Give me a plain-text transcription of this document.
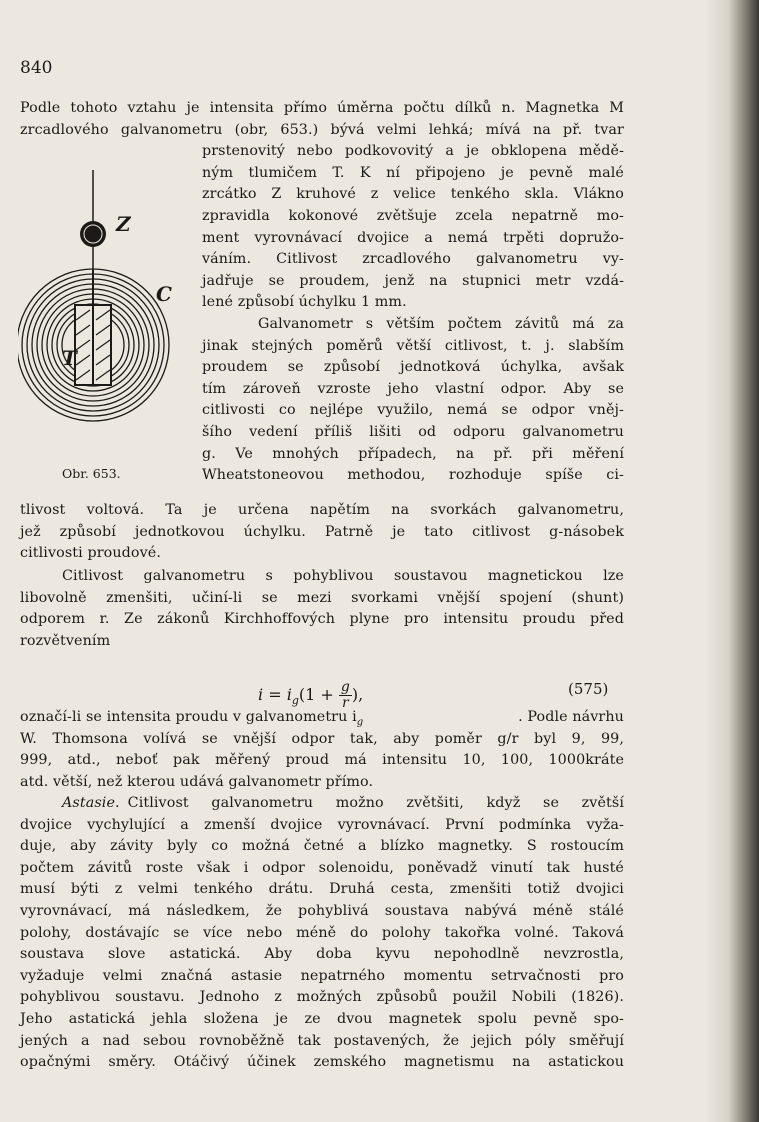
840
Podle tohoto vztahu je intensita přímo úměrna počtu dílků n. Magnetka M
zrcadlového galvanometru (obr, 653.) bývá velmi lehká; mívá na př. tvar
prstenovitý nebo podkovovitý a je obklopena mědě-
ným tlumičem T. K ní připojeno je pevně malé
zrcátko Z kruhové z velice tenkého skla. Vlákno
zpravidla kokonové zvětšuje zcela nepatrně mo-
ment vyrovnávací dvojice a nemá trpěti dopružo-
váním. Citlivost zrcadlového galvanometru vy-
jadřuje se proudem, jenž na stupnici metr vzdá-
lené způsobí úchylku 1 mm.
Galvanometr s větším počtem závitů má za
jinak stejných poměrů větší citlivost, t. j. slabším
proudem se způsobí jednotková úchylka, avšak
tím zároveň vzroste jeho vlastní odpor. Aby se
citlivosti co nejlépe využilo, nemá se odpor vněj-
šího vedení příliš lišiti od odporu galvanometru
g. Ve mnohých případech, na př. při měření
Wheatstoneovou methodou, rozhoduje spíše ci-
Z
C
T
Obr. 653.
tlivost voltová. Ta je určena napětím na svorkách galvanometru,
jež způsobí jednotkovou úchylku. Patrně je tato citlivost g-násobek
citlivosti proudové.
Citlivost galvanometru s pohyblivou soustavou magnetickou lze
libovolně zmenšiti, učiní-li se mezi svorkami vnější spojení (shunt)
odporem r. Ze zákonů Kirchhoffových plyne pro intensitu proudu před
rozvětvením
$i = i_g(1 + \frac{g}{r}$ ),	(575)
označí-li se intensita proudu v galvanometru $i_g$	. Podle návrhu
W. Thomsona volívá se vnější odpor tak, aby poměr g/r byl 9, 99,
999, atd., neboť pak měřený proud má intensitu 10, 100, 1000kráte
atd. větší, než kterou udává galvanometr přímo.
Astasie. Citlivost galvanometru možno zvětšiti, když se zvětší
dvojice vychylující a zmenší dvojice vyrovnávací. První podmínka vyža-
duje, aby závity byly co možná četné a blízko magnetky. S rostoucím
počtem závitů roste však i odpor solenoidu, poněvadž vinutí tak husté
musí býti z velmi tenkého drátu. Druhá cesta, zmenšiti totiž dvojici
vyrovnávací, má následkem, že pohyblivá soustava nabývá méně stálé
polohy, dostávajíc se více nebo méně do polohy takořka volné. Taková
soustava slove astatická. Aby doba kyvu nepohodlně nevzrostla,
vyžaduje velmi značná astasie nepatrného momentu setrvačnosti pro
pohyblivou soustavu. Jednoho z možných způsobů použil Nobili (1826).
Jeho astatická jehla složena je ze dvou magnetek spolu pevně spo-
jených a nad sebou rovnoběžně tak postavených, že jejich póly směřují
opačnými směry. Otáčivý účinek zemského magnetismu na astatickou
